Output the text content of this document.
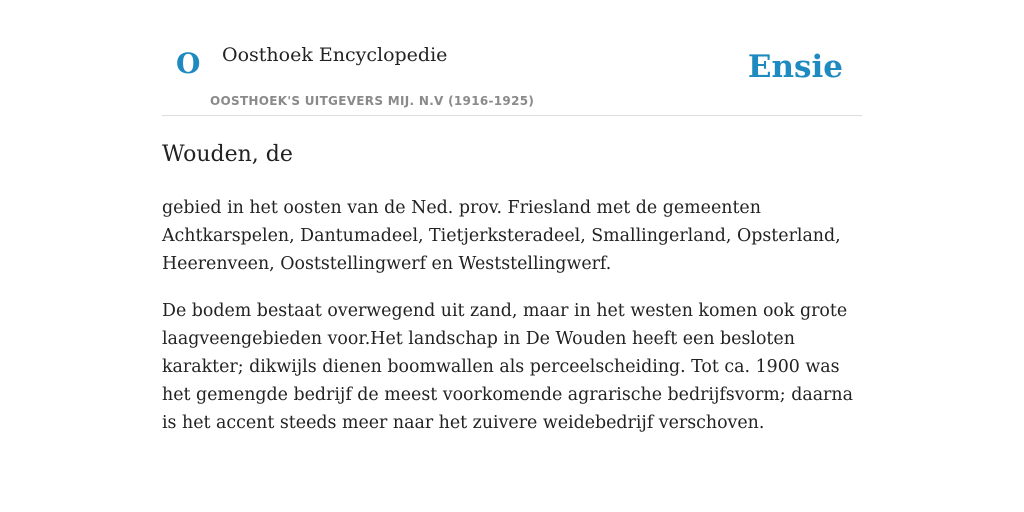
O Oosthoek Encyclopedie
OOSTHOEK'S UITGEVERS MIJ. N.V (1916-1925)
Ensie
Wouden, de

gebied in het oosten van de Ned. prov. Friesland met de gemeenten Achtkarspelen, Dantumadeel, Tietjerksteradeel, Smallingerland, Opsterland, Heerenveen, Ooststellingwerf en Weststellingwerf.

De bodem bestaat overwegend uit zand, maar in het westen komen ook grote laagveengebieden voor.Het landschap in De Wouden heeft een besloten karakter; dikwijls dienen boomwallen als perceelscheiding. Tot ca. 1900 was het gemengde bedrijf de meest voorkomende agrarische bedrijfsvorm; daarna is het accent steeds meer naar het zuivere weidebedrijf verschoven.
